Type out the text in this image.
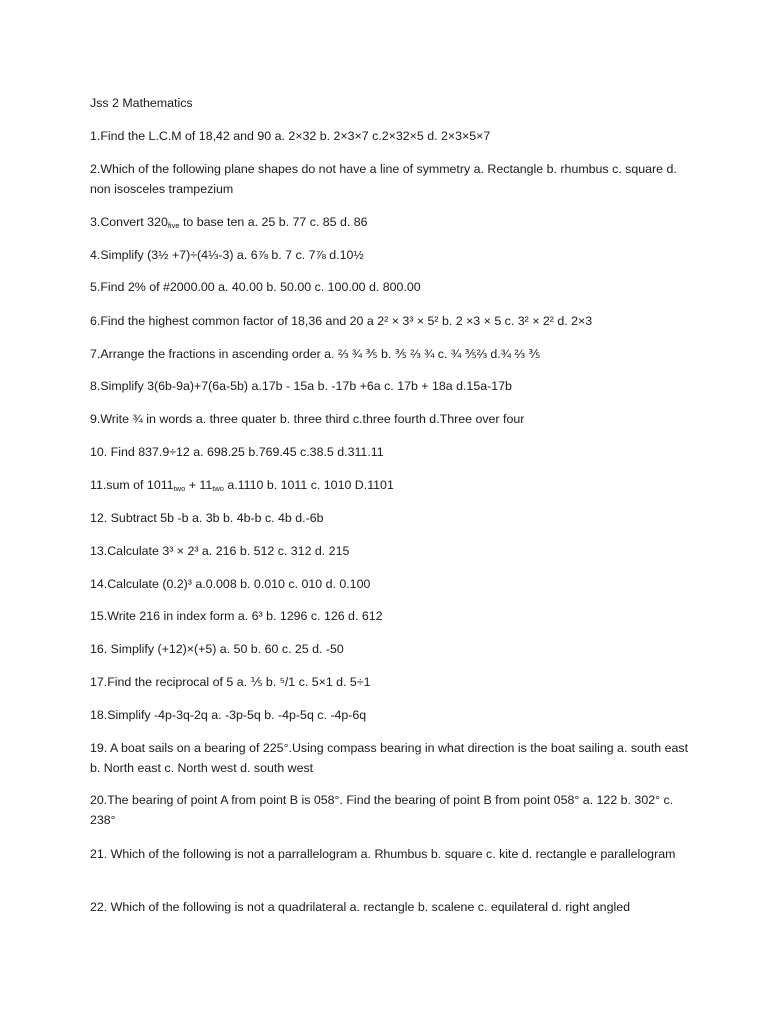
Jss 2 Mathematics
1.Find the L.C.M of 18,42 and 90 a. 2×32 b. 2×3×7 c.2×32×5 d. 2×3×5×7
2.Which of the following plane shapes do not have a line of symmetry a. Rectangle b. rhumbus c. square d. non isosceles trampezium
3.Convert $320_{five}$ to base ten a. 25 b. 77 c. 85 d. 86
4.Simplify (3½ +7)÷(4⅓-3) a. 6⅞ b. 7 c. 7⅞ d.10½
5.Find 2% of #2000.00 a. 40.00 b. 50.00 c. 100.00 d. 800.00
6.Find the highest common factor of 18,36 and 20 a 2² × 3³ × 5² b. 2 ×3 × 5 c. 3² × 2² d. 2×3
7.Arrange the fractions in ascending order a. ⅔ ¾ ⅗ b. ⅗ ⅔ ¾ c. ¾ ⅗⅔ d.¾ ⅔ ⅗
8.Simplify 3(6b-9a)+7(6a-5b) a.17b - 15a b. -17b +6a c. 17b + 18a d.15a-17b
9.Write ¾ in words a. three quater b. three third c.three fourth d.Three over four
10. Find 837.9÷12 a. 698.25 b.769.45 c.38.5 d.311.11
11.sum of $1011_{two} + 11_{two}$ a.1110 b. 1011 c. 1010 D.1101
12. Subtract 5b -b a. 3b b. 4b-b c. 4b d.-6b
13.Calculate 3³ × 2³ a. 216 b. 512 c. 312 d. 215
14.Calculate (0.2)³ a.0.008 b. 0.010 c. 010 d. 0.100
15.Write 216 in index form a. 6³ b. 1296 c. 126 d. 612
16. Simplify (+12)×(+5) a. 50 b. 60 c. 25 d. -50
17.Find the reciprocal of 5 a. ⅕ b. ⁵/1 c. 5×1 d. 5÷1
18.Simplify -4p-3q-2q a. -3p-5q b. -4p-5q c. -4p-6q
19. A boat sails on a bearing of 225°.Using compass bearing in what direction is the boat sailing a. south east b. North east c. North west d. south west
20.The bearing of point A from point B is 058°. Find the bearing of point B from point 058° a. 122 b. 302° c. 238°
21. Which of the following is not a parrallelogram a. Rhumbus b. square c. kite d. rectangle e parallelogram
22. Which of the following is not a quadrilateral a. rectangle b. scalene c. equilateral d. right angled
